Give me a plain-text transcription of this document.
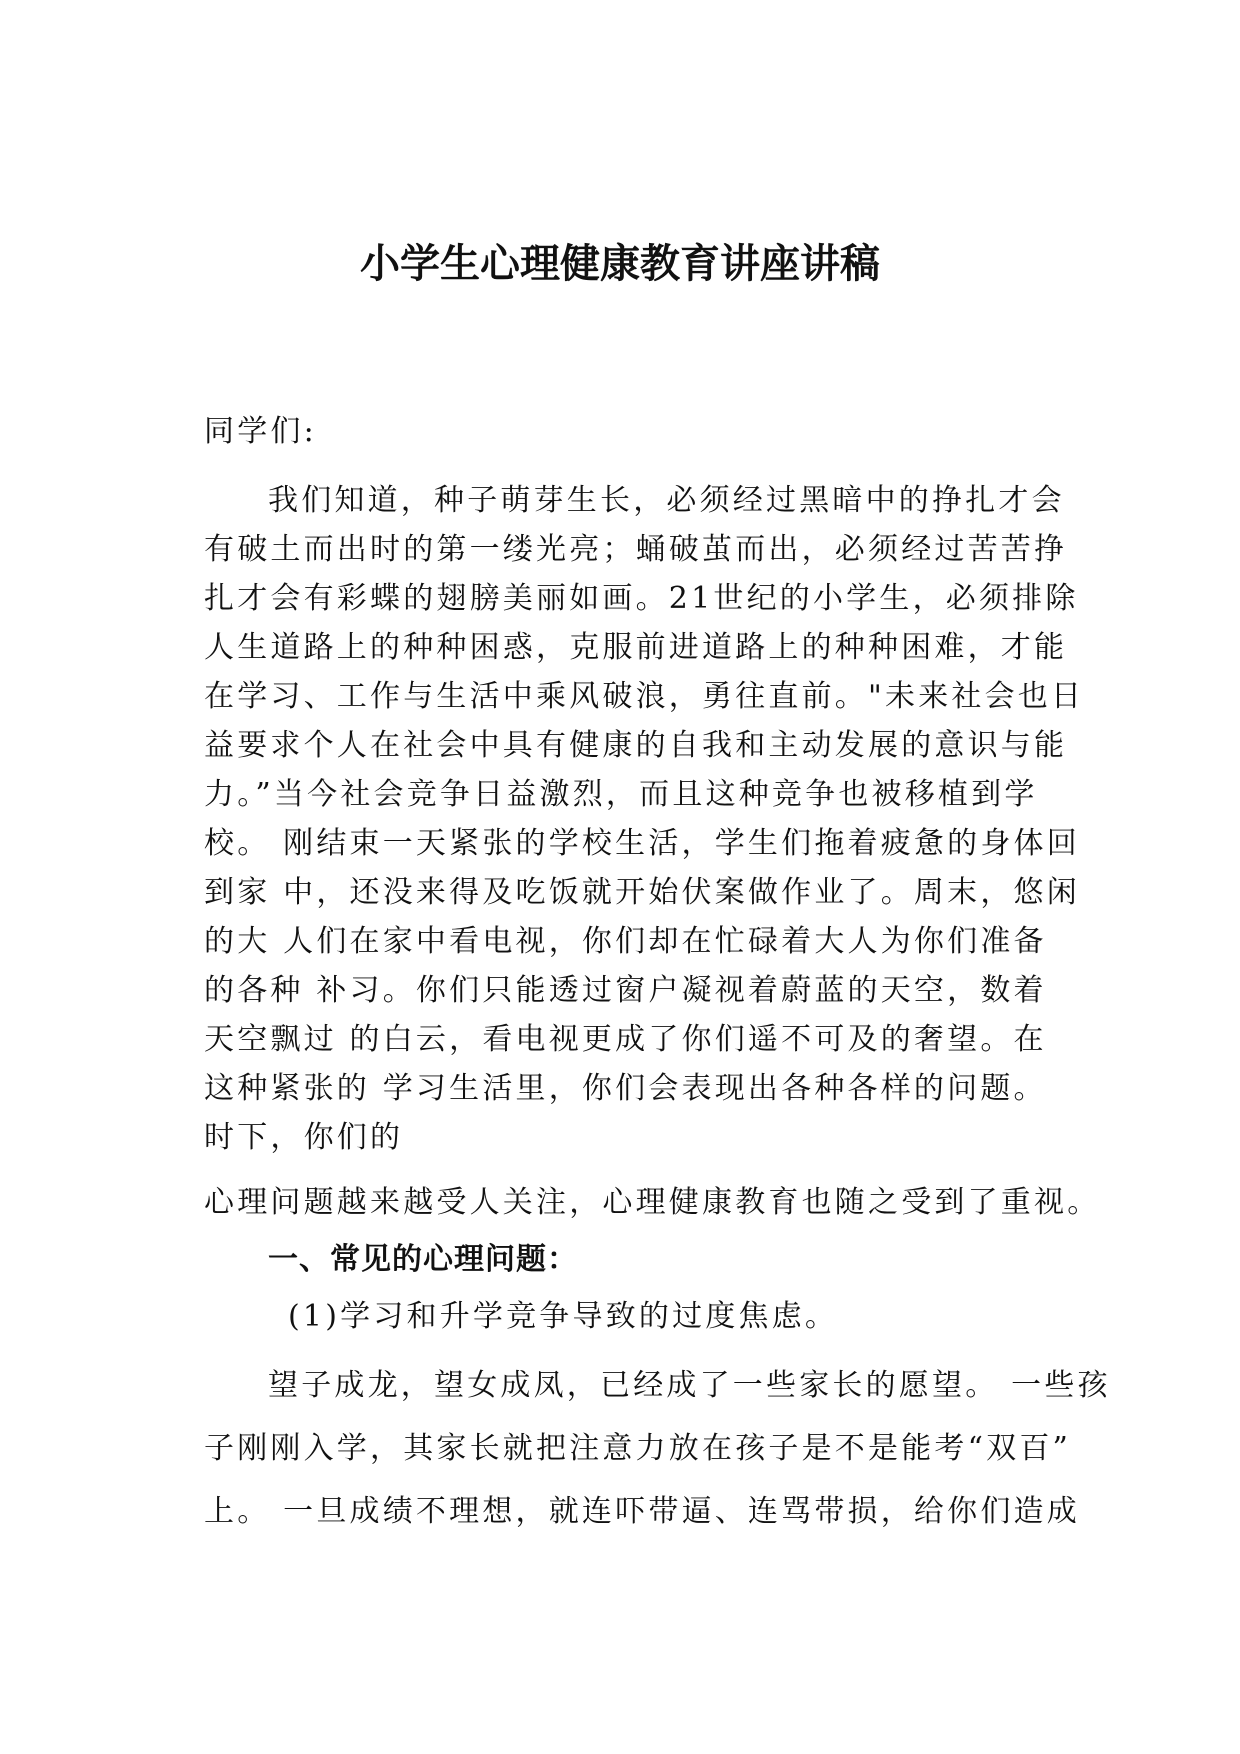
小学生心理健康教育讲座讲稿
同学们:
我们知道，种子萌芽生长，必须经过黑暗中的挣扎才会
有破土而出时的第一缕光亮；蛹破茧而出，必须经过苦苦挣
扎才会有彩蝶的翅膀美丽如画。21世纪的小学生，必须排除
人生道路上的种种困惑，克服前进道路上的种种困难，才能
在学习、工作与生活中乘风破浪，勇往直前。"未来社会也日
益要求个人在社会中具有健康的自我和主动发展的意识与能
力。”当今社会竞争日益激烈，而且这种竞争也被移植到学
校。 刚结束一天紧张的学校生活，学生们拖着疲惫的身体回
到家 中，还没来得及吃饭就开始伏案做作业了。周末，悠闲
的大 人们在家中看电视，你们却在忙碌着大人为你们准备
的各种 补习。你们只能透过窗户凝视着蔚蓝的天空，数着
天空飘过 的白云，看电视更成了你们遥不可及的奢望。在
这种紧张的 学习生活里，你们会表现出各种各样的问题。
时下，你们的
心理问题越来越受人关注，心理健康教育也随之受到了重视。
一、常见的心理问题：
(1)学习和升学竞争导致的过度焦虑。
望子成龙，望女成凤，已经成了一些家长的愿望。 一些孩
子刚刚入学，其家长就把注意力放在孩子是不是能考“双百”
上。 一旦成绩不理想，就连吓带逼、连骂带损，给你们造成
